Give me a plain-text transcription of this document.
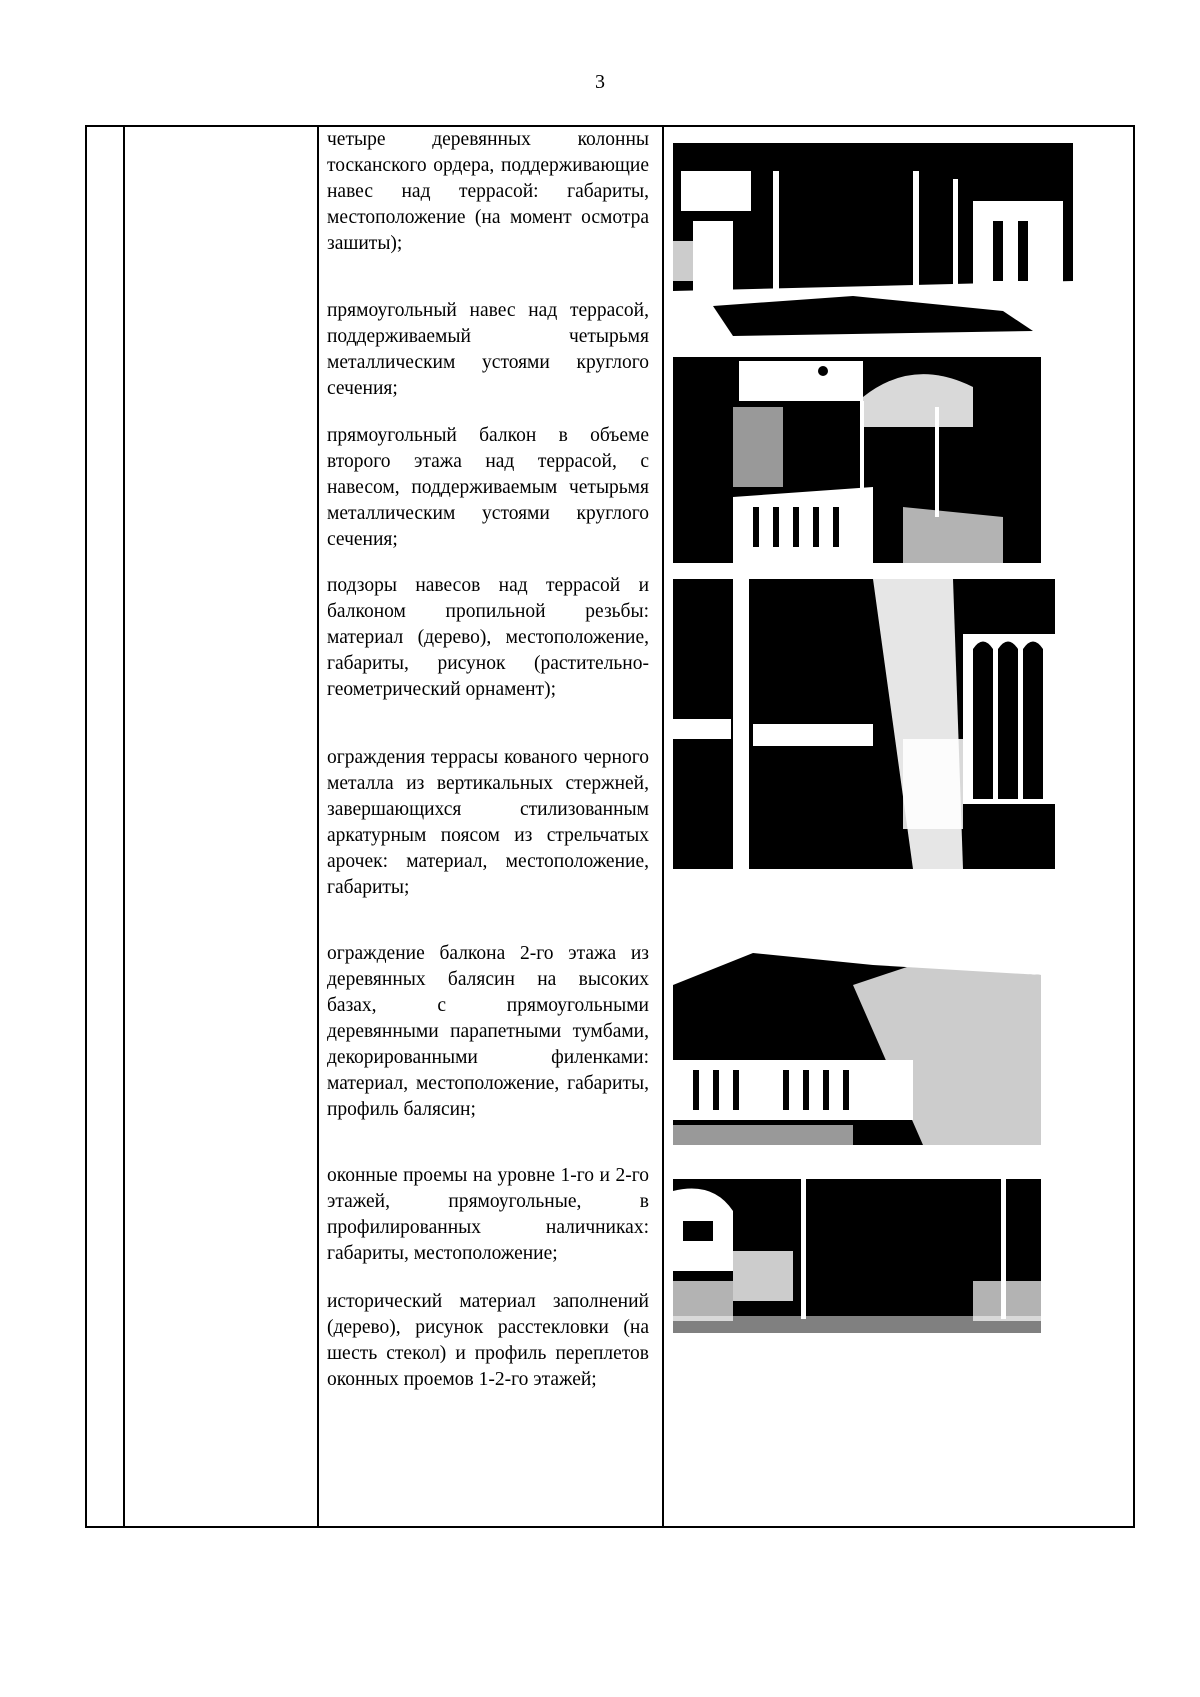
3

четыре деревянных колонны тосканского ордера, поддерживающие навес над террасой: габариты, местоположение (на момент осмотра зашиты);

прямоугольный навес над террасой, поддерживаемый четырьмя металлическим устоями круглого сечения;

прямоугольный балкон в объеме второго этажа над террасой, с навесом, поддерживаемым четырьмя металлическим устоями круглого сечения;

подзоры навесов над террасой и балконом пропильной резьбы: материал (дерево), местоположение, габариты, рисунок (растительно-геометрический орнамент);

ограждения террасы кованого черного металла из вертикальных стержней, завершающихся стилизованным аркатурным поясом из стрельчатых арочек: материал, местоположение, габариты;

ограждение балкона 2-го этажа из деревянных балясин на высоких базах, с прямоугольными деревянными парапетными тумбами, декорированными филенками: материал, местоположение, габариты, профиль балясин;

оконные проемы на уровне 1-го и 2-го этажей, прямоугольные, в профилированных наличниках: габариты, местоположение;

исторический материал заполнений (дерево), рисунок расстекловки (на шесть стекол) и профиль переплетов оконных проемов 1-2-го этажей;
